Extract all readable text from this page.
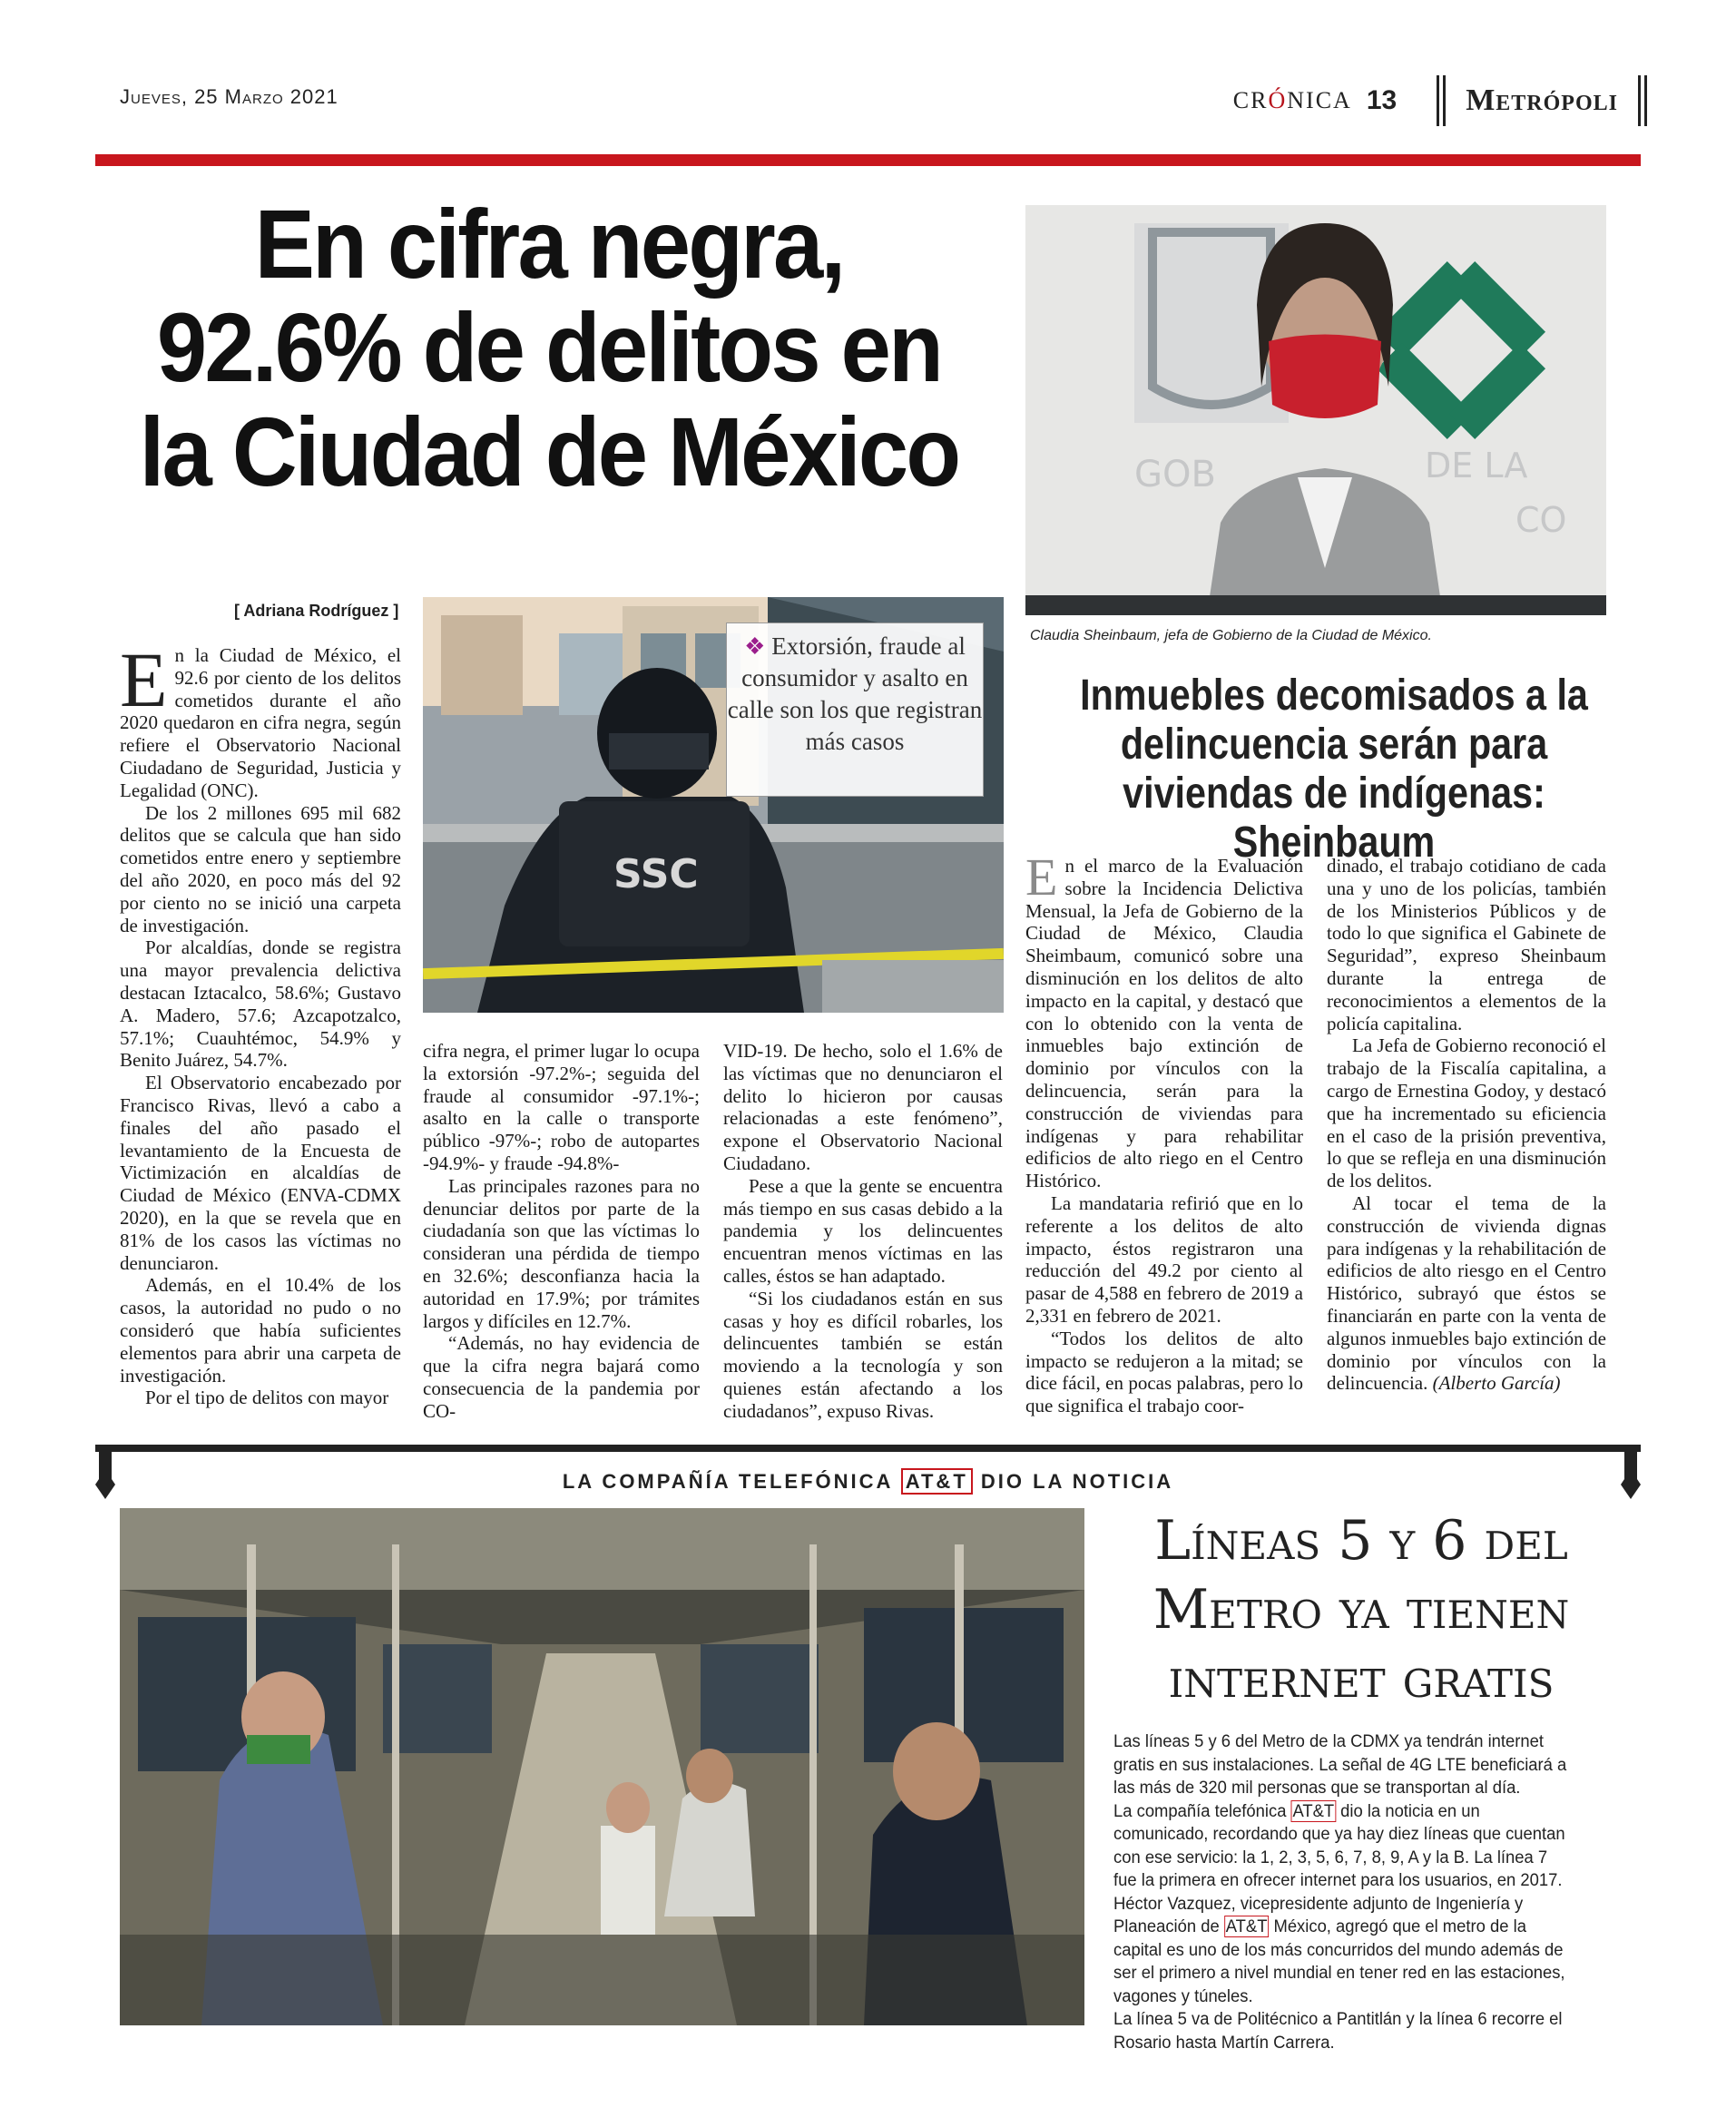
Jueves, 25 Marzo 2021	CRÓNICA 13 Metrópoli
En cifra negra, 92.6% de delitos en la Ciudad de México
[ Adriana Rodríguez ]

En la Ciudad de México, el 92.6 por ciento de los delitos cometidos durante el año 2020 quedaron en cifra negra, según refiere el Observatorio Nacional Ciudadano de Seguridad, Justicia y Legalidad (ONC).

De los 2 millones 695 mil 682 delitos que se calcula que han sido cometidos entre enero y septiembre del año 2020, en poco más del 92 por ciento no se inició una carpeta de investigación.

Por alcaldías, donde se registra una mayor prevalencia delictiva destacan Iztacalco, 58.6%; Gustavo A. Madero, 57.6; Azcapotzalco, 57.1%; Cuauhtémoc, 54.9% y Benito Juárez, 54.7%.

El Observatorio encabezado por Francisco Rivas, llevó a cabo a finales del año pasado el levantamiento de la Encuesta de Victimización en alcaldías de Ciudad de México (ENVA-CDMX 2020), en la que se revela que en 81% de los casos las víctimas no denunciaron.

Además, en el 10.4% de los casos, la autoridad no pudo o no consideró que había suficientes elementos para abrir una carpeta de investigación.

Por el tipo de delitos con mayor

SSC
❖ Extorsión, fraude al consumidor y asalto en calle son los que registran más casos

cifra negra, el primer lugar lo ocupa la extorsión -97.2%-; seguida del fraude al consumidor -97.1%-; asalto en la calle o transporte público -97%-; robo de autopartes -94.9%- y fraude -94.8%-

Las principales razones para no denunciar delitos por parte de la ciudadanía son que las víctimas lo consideran una pérdida de tiempo en 32.6%; desconfianza hacia la autoridad en 17.9%; por trámites largos y difíciles en 12.7%.

“Además, no hay evidencia de que la cifra negra bajará como consecuencia de la pandemia por CO-

VID-19. De hecho, solo el 1.6% de las víctimas que no denunciaron el delito lo hicieron por causas relacionadas a este fenómeno”, expone el Observatorio Nacional Ciudadano.

Pese a que la gente se encuentra más tiempo en sus casas debido a la pandemia y los delincuentes encuentran menos víctimas en las calles, éstos se han adaptado.

“Si los ciudadanos están en sus casas y hoy es difícil robarles, los delincuentes también se están moviendo a la tecnología y son quienes están afectando a los ciudadanos”, expuso Rivas.

GOB	DE LA
CO
Claudia Sheinbaum, jefa de Gobierno de la Ciudad de México.
Inmuebles decomisados a la delincuencia serán para viviendas de indígenas: Sheinbaum

En el marco de la Evaluación sobre la Incidencia Delictiva Mensual, la Jefa de Gobierno de la Ciudad de México, Claudia Sheimbaum, comunicó sobre una disminución en los delitos de alto impacto en la capital, y destacó que con lo obtenido con la venta de inmuebles bajo extinción de dominio por vínculos con la delincuencia, serán para la construcción de viviendas para indígenas y para rehabilitar edificios de alto riego en el Centro Histórico.

La mandataria refirió que en lo referente a los delitos de alto impacto, éstos registraron una reducción del 49.2 por ciento al pasar de 4,588 en febrero de 2019 a 2,331 en febrero de 2021.

“Todos los delitos de alto impacto se redujeron a la mitad; se dice fácil, en pocas palabras, pero lo que significa el trabajo coor-

dinado, el trabajo cotidiano de cada una y uno de los policías, también de los Ministerios Públicos y de todo lo que significa el Gabinete de Seguridad”, expreso Sheinbaum durante la entrega de reconocimientos a elementos de la policía capitalina.

La Jefa de Gobierno reconoció el trabajo de la Fiscalía capitalina, a cargo de Ernestina Godoy, y destacó que ha incrementado su eficiencia en el caso de la prisión preventiva, lo que se refleja en una disminución de los delitos.

Al tocar el tema de la construcción de vivienda dignas para indígenas y la rehabilitación de edificios de alto riesgo en el Centro Histórico, subrayó que éstos se financiarán en parte con la venta de algunos inmuebles bajo extinción de dominio por vínculos con la delincuencia. (Alberto García)

LA COMPAÑÍA TELEFÓNICA AT&T DIO LA NOTICIA
Líneas 5 y 6 del Metro ya tienen internet gratis

Las líneas 5 y 6 del Metro de la CDMX ya tendrán internet gratis en sus instalaciones. La señal de 4G LTE beneficiará a las más de 320 mil personas que se transportan al día.

La compañía telefónica AT&T dio la noticia en un comunicado, recordando que ya hay diez líneas que cuentan con ese servicio: la 1, 2, 3, 5, 6, 7, 8, 9, A y la B. La línea 7 fue la primera en ofrecer internet para los usuarios, en 2017.

Héctor Vazquez, vicepresidente adjunto de Ingeniería y Planeación de AT&T México, agregó que el metro de la capital es uno de los más concurridos del mundo además de ser el primero a nivel mundial en tener red en las estaciones, vagones y túneles.

La línea 5 va de Politécnico a Pantitlán y la línea 6 recorre el Rosario hasta Martín Carrera.
